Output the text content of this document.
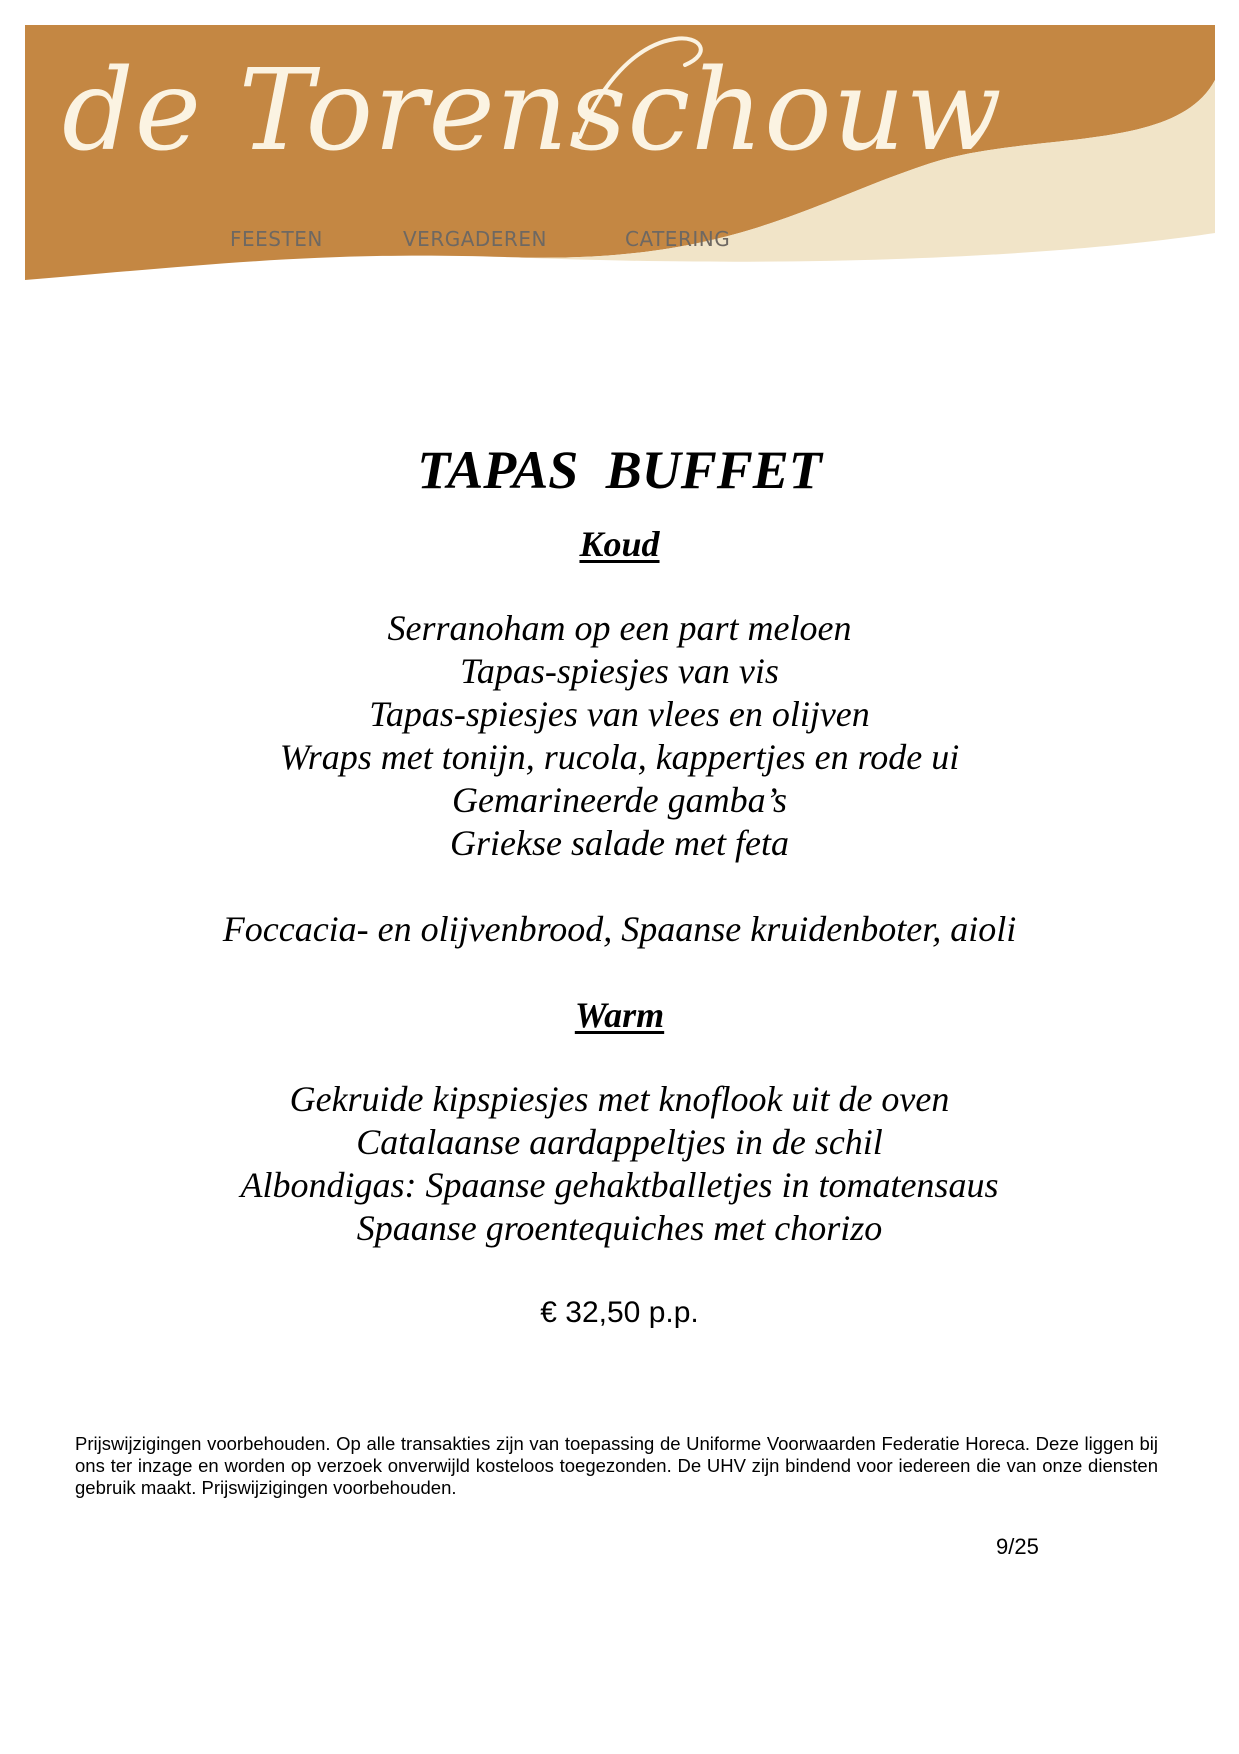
de Torenschouw
FEESTEN	VERGADEREN	CATERING
TAPAS BUFFET
Koud
Serranoham op een part meloen
Tapas-spiesjes van vis
Tapas-spiesjes van vlees en olijven
Wraps met tonijn, rucola, kappertjes en rode ui
Gemarineerde gamba’s
Griekse salade met feta

Foccacia- en olijvenbrood, Spaanse kruidenboter, aioli

Warm
Gekruide kipspiesjes met knoflook uit de oven
Catalaanse aardappeltjes in de schil
Albondigas: Spaanse gehaktballetjes in tomatensaus
Spaanse groentequiches met chorizo

€ 32,50 p.p.

Prijswijzigingen voorbehouden. Op alle transakties zijn van toepassing de Uniforme Voorwaarden Federatie Horeca. Deze liggen bij ons ter inzage en worden op verzoek onverwijld kosteloos toegezonden. De UHV zijn bindend voor iedereen die van onze diensten gebruik maakt. Prijswijzigingen voorbehouden.

9/25
